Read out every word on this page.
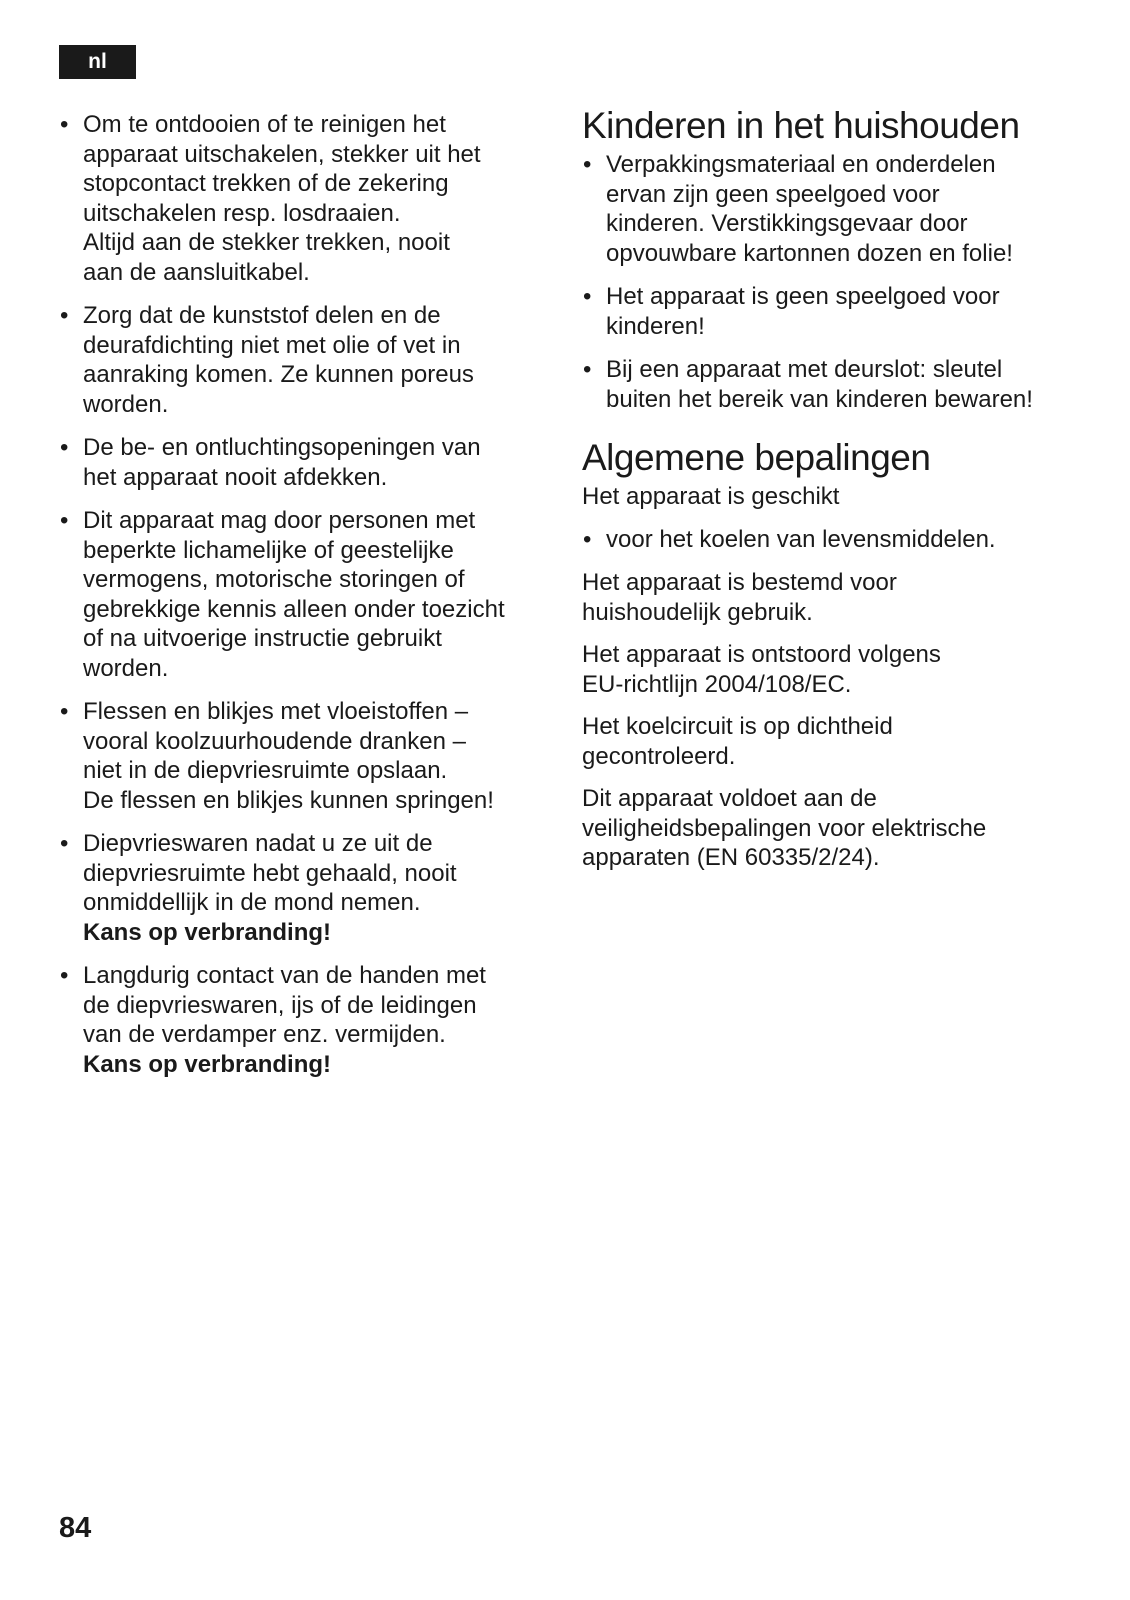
nl
• Om te ontdooien of te reinigen het
apparaat uitschakelen, stekker uit het
stopcontact trekken of de zekering
uitschakelen resp. losdraaien.
Altijd aan de stekker trekken, nooit
aan de aansluitkabel.
• Zorg dat de kunststof delen en de
deurafdichting niet met olie of vet in
aanraking komen. Ze kunnen poreus
worden.
• De be- en ontluchtingsopeningen van
het apparaat nooit afdekken.
• Dit apparaat mag door personen met
beperkte lichamelijke of geestelijke
vermogens, motorische storingen of
gebrekkige kennis alleen onder toezicht
of na uitvoerige instructie gebruikt
worden.
• Flessen en blikjes met vloeistoffen –
vooral koolzuurhoudende dranken –
niet in de diepvriesruimte opslaan.
De flessen en blikjes kunnen springen!
• Diepvrieswaren nadat u ze uit de
diepvriesruimte hebt gehaald, nooit
onmiddellijk in de mond nemen.
Kans op verbranding!
• Langdurig contact van de handen met
de diepvrieswaren, ijs of de leidingen
van de verdamper enz. vermijden.
Kans op verbranding!
Kinderen in het huishouden
• Verpakkingsmateriaal en onderdelen
ervan zijn geen speelgoed voor
kinderen. Verstikkingsgevaar door
opvouwbare kartonnen dozen en folie!
• Het apparaat is geen speelgoed voor
kinderen!
• Bij een apparaat met deurslot: sleutel
buiten het bereik van kinderen bewaren!
Algemene bepalingen

Het apparaat is geschikt

• voor het koelen van levensmiddelen.

Het apparaat is bestemd voor
huishoudelijk gebruik.

Het apparaat is ontstoord volgens
EU-richtlijn 2004/108/EC.

Het koelcircuit is op dichtheid
gecontroleerd.

Dit apparaat voldoet aan de
veiligheidsbepalingen voor elektrische
apparaten (EN 60335/2/24).

84
